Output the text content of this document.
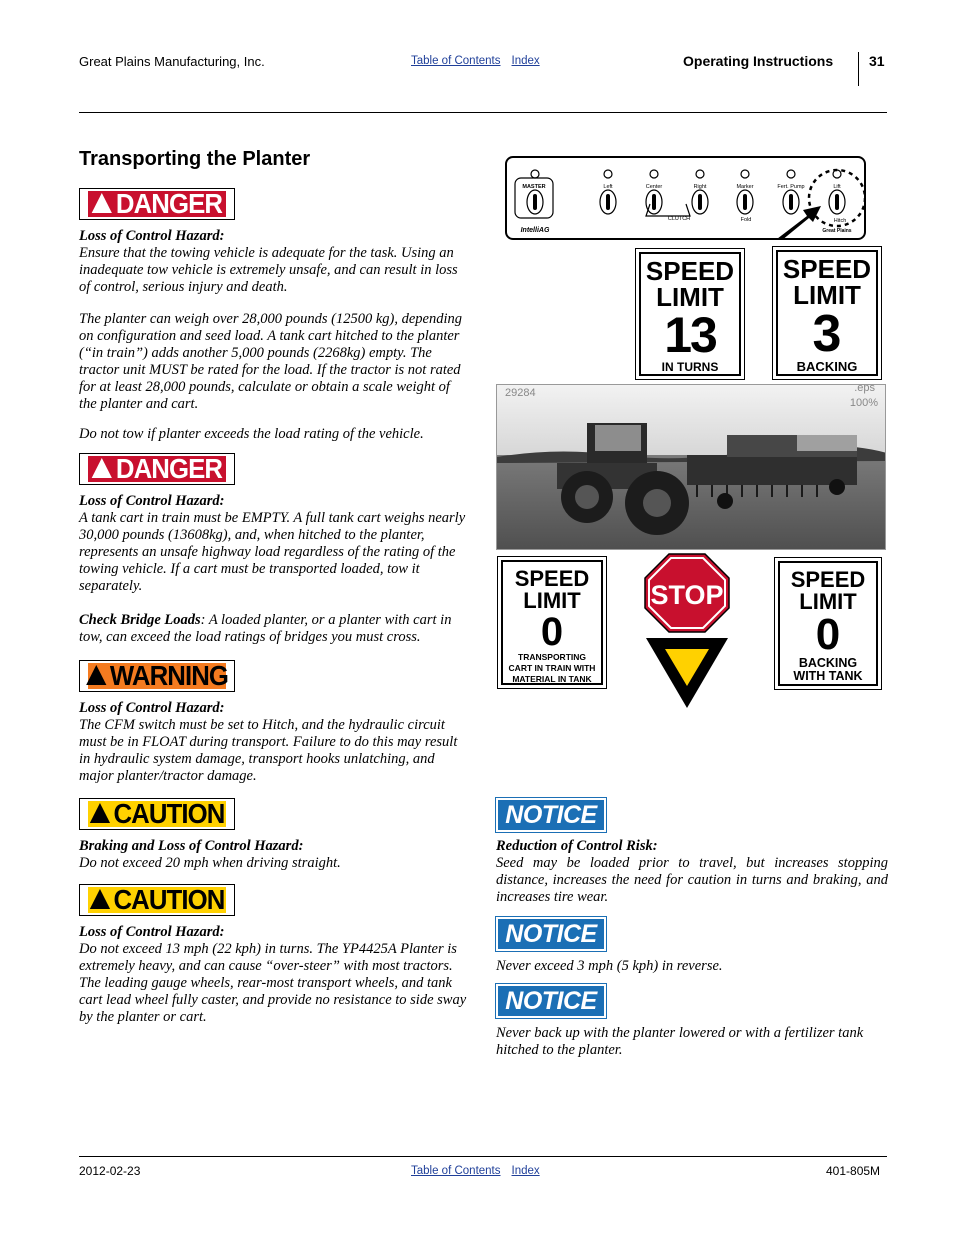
Great Plains Manufacturing, Inc.	Table of Contents Index	Operating Instructions	31
Transporting the Planter
DANGER
Loss of Control Hazard:
Ensure that the towing vehicle is adequate for the task. Using an inadequate tow vehicle is extremely unsafe, and can result in loss of control, serious injury and death.
The planter can weigh over 28,000 pounds (12500 kg), depending on configuration and seed load. A tank cart hitched to the planter (“in train”) adds another 5,000 pounds (2268kg) empty. The tractor unit MUST be rated for the load. If the tractor is not rated for at least 28,000 pounds, calculate or obtain a scale weight of the planter and cart.
Do not tow if planter exceeds the load rating of the vehicle.
DANGER
Loss of Control Hazard:
A tank cart in train must be EMPTY. A full tank cart weighs nearly 30,000 pounds (13608kg), and, when hitched to the planter, represents an unsafe highway load regardless of the rating of the towing vehicle. If a cart must be transported loaded, tow it separately.
Check Bridge Loads: A loaded planter, or a planter with cart in tow, can exceed the load ratings of bridges you must cross.
WARNING
Loss of Control Hazard:
The CFM switch must be set to Hitch, and the hydraulic circuit must be in FLOAT during transport. Failure to do this may result in hydraulic system damage, transport hooks unlatching, and major planter/tractor damage.
CAUTION
Braking and Loss of Control Hazard:
Do not exceed 20 mph when driving straight.
CAUTION
Loss of Control Hazard:
Do not exceed 13 mph (22 kph) in turns. The YP4425A Planter is extremely heavy, and can cause “over-steer” with most tractors. The leading gauge wheels, rear-most transport wheels, and tank cart lead wheel fully caster, and provide no resistance to side sway by the planter or cart.
MASTER	Left	Center	Right	Marker	Fert. Pump	Lift
CLUTCH	Fold	Hitch
IntelliAG	Great Plains
SPEED
LIMIT
13
IN TURNS
SPEED
LIMIT
3
BACKING
29284	.eps
100%
SPEED
LIMIT
0
TRANSPORTING CART IN TRAIN WITH MATERIAL IN TANK
STOP
SPEED
LIMIT
0
BACKING WITH TANK
NOTICE
Reduction of Control Risk:
Seed may be loaded prior to travel, but increases stopping distance, increases the need for caution in turns and braking, and increases tire wear.
NOTICE
Never exceed 3 mph (5 kph) in reverse.
NOTICE
Never back up with the planter lowered or with a fertilizer tank hitched to the planter.
2012-02-23	Table of Contents Index	401-805M
